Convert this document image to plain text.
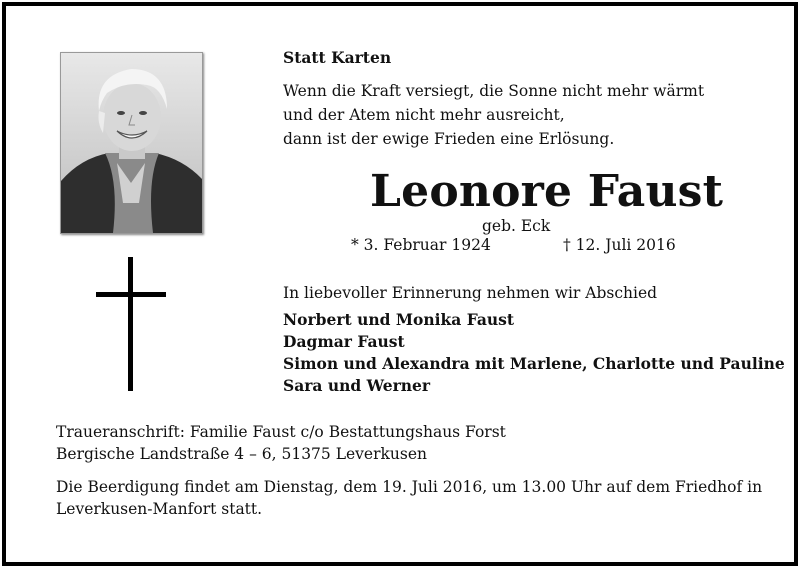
Statt Karten
Wenn die Kraft versiegt, die Sonne nicht mehr wärmt
und der Atem nicht mehr ausreicht,
dann ist der ewige Frieden eine Erlösung.
Leonore Faust
geb. Eck
* 3. Februar 1924	† 12. Juli 2016
In liebevoller Erinnerung nehmen wir Abschied
Norbert und Monika Faust
Dagmar Faust
Simon und Alexandra mit Marlene, Charlotte und Pauline
Sara und Werner
Traueranschrift: Familie Faust c/o Bestattungshaus Forst
Bergische Landstraße 4 – 6, 51375 Leverkusen
Die Beerdigung findet am Dienstag, dem 19. Juli 2016, um 13.00 Uhr auf dem Friedhof in
Leverkusen-Manfort statt.
